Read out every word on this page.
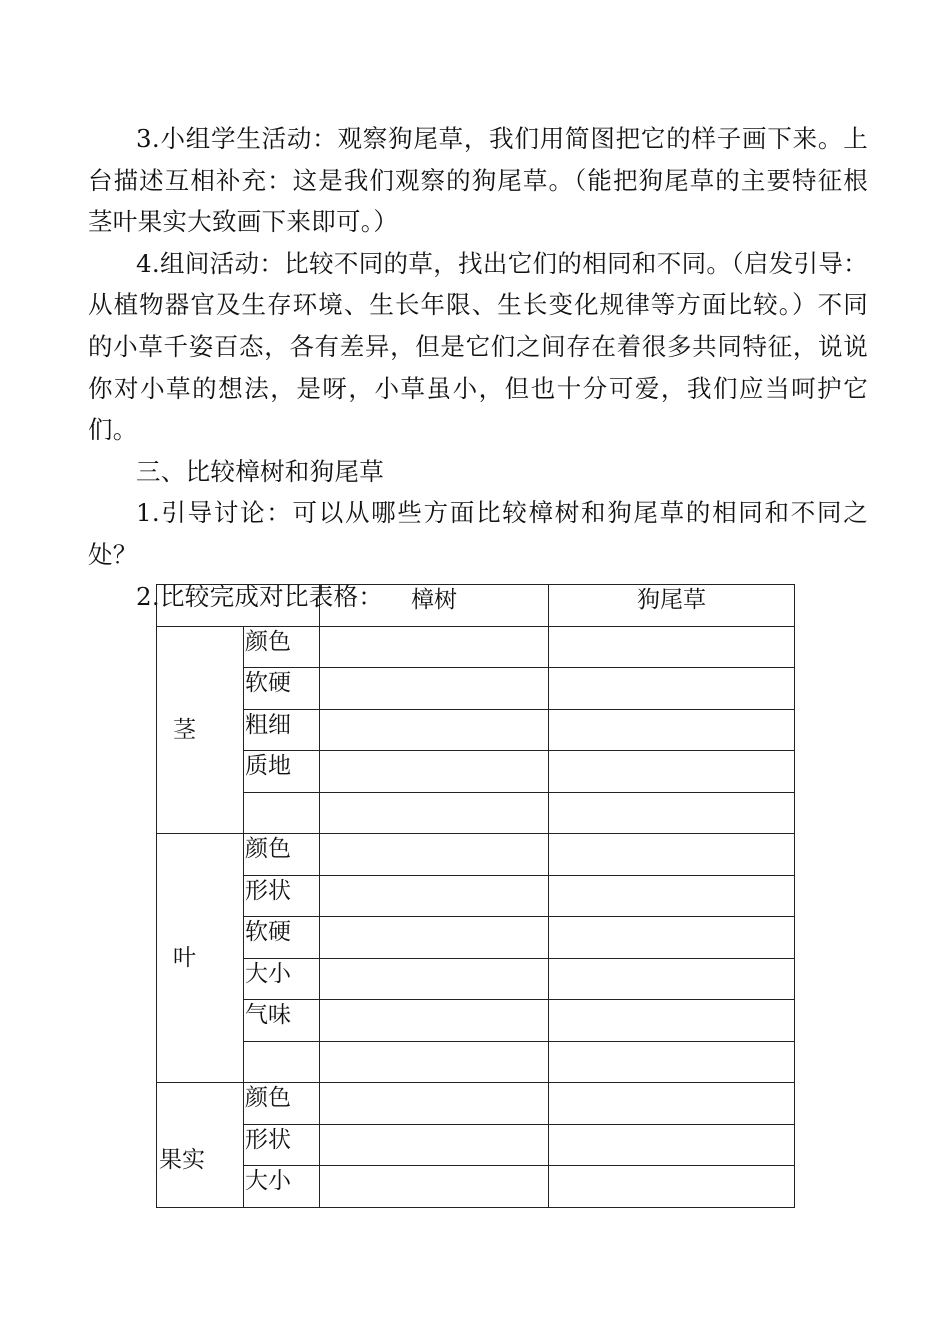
3.小组学生活动：观察狗尾草，我们用简图把它的样子画下来。上台描述互相补充：这是我们观察的狗尾草。（能把狗尾草的主要特征根茎叶果实大致画下来即可。）

4.组间活动：比较不同的草，找出它们的相同和不同。（启发引导：从植物器官及生存环境、生长年限、生长变化规律等方面比较。）不同的小草千姿百态，各有差异，但是它们之间存在着很多共同特征，说说你对小草的想法，是呀，小草虽小，但也十分可爱，我们应当呵护它们。

三、比较樟树和狗尾草

1.引导讨论：可以从哪些方面比较樟树和狗尾草的相同和不同之处？

2.比较完成对比表格：

		樟树	狗尾草

茎	颜色		

	软硬		

	粗细		

	质地		

叶	颜色		

	形状		

	软硬		

	大小		

	气味		

果实	颜色		

	形状		

	大小		
